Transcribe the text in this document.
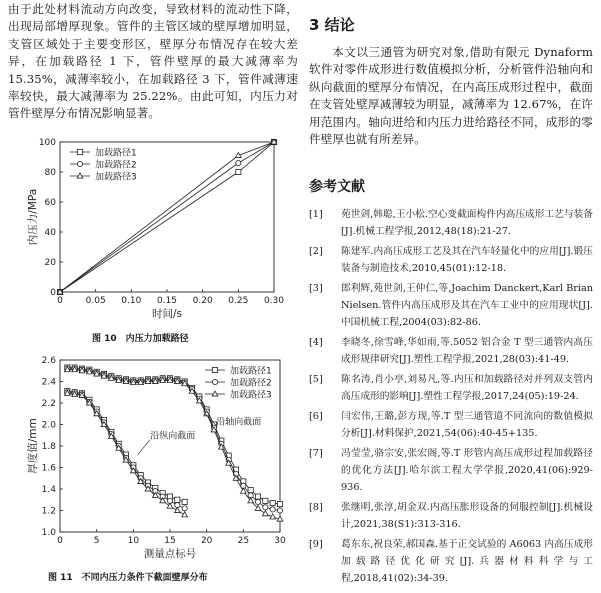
由于此处材料流动方向改变，导致材料的流动性下降，出现局部增厚现象。管件的主管区域的壁厚增加明显，支管区域处于主要变形区，壁厚分布情况存在较大差异，在加载路径 1 下，管件壁厚的最大减薄率为 15.35%，减薄率较小，在加载路径 3 下，管件减薄速率较快，最大减薄率为 25.22%。由此可知，内压力对管件壁厚分布情况影响显著。

0	0.05 0.10 0.15 0.20 0.25 0.30
0
20
40
60
80
100
时间/s
内压力/MPa
加载路径1
加载路径2
加载路径3
图 10　内压力加载路径
0	5	10	15	20	25	30
1.0
1.2
1.4
1.6
1.8
2.0
2.2
2.4
2.6
测量点标号
厚度值/mm
加载路径1
加载路径2
加载路径3
沿纵向截面
沿轴向截面
图 11　不同内压力条件下截面壁厚分布
3 结论

本文以三通管为研究对象,借助有限元 Dynaform 软件对零件成形进行数值模拟分析，分析管件沿轴向和纵向截面的壁厚分布情况，在内高压成形过程中，截面在支管处壁厚减薄较为明显，减薄率为 12.67%，在许用范围内。轴向进给和内压力进给路径不同，成形的零件壁厚也就有所差异。

参考文献
[1]	苑世剑,韩聪,王小松.空心变截面构件内高压成形工艺与装备[J].机械工程学报,2012,48(18):21-27.
[2]	陈建军.内高压成形工艺及其在汽车轻量化中的应用[J].锻压装备与制造技术,2010,45(01):12-18.
[3]	郎利辉,苑世剑,王仲仁,等,Joachim Danckert,Karl Brian Nielsen.管件内高压成形及其在汽车工业中的应用现状[J].中国机械工程,2004(03):82-86.
[4]	李晓冬,徐雪峰,华如雨,等.5052 铝合金 T 型三通管内高压成形规律研究[J].塑性工程学报,2021,28(03):41-49.
[5]	陈名涛,肖小亭,刘易凡,等.内压和加载路径对并列双支管内高压成形的影响[J].塑性工程学报,2017,24(05):19-24.
[6]	闫宏伟,王璐,彭方现,等.T 型三通管道不同流向的数值模拟分析[J].材料保护,2021,54(06):40-45+135.
[7]	冯莹莹,骆宗安,张宏阁,等.T 形管内高压成形过程加载路径的优化方法[J].哈尔滨工程大学学报,2020,41(06):929-936.
[8]	张继明,张淳,胡金双.内高压胀形设备的伺服控制[J].机械设计,2021,38(S1):313-316.
[9]	葛东东,祝良荣,郝国森.基于正交试验的 A6063 内高压成形加载路径优化研究[J].兵器材料科学与工程,2018,41(02):34-39.
